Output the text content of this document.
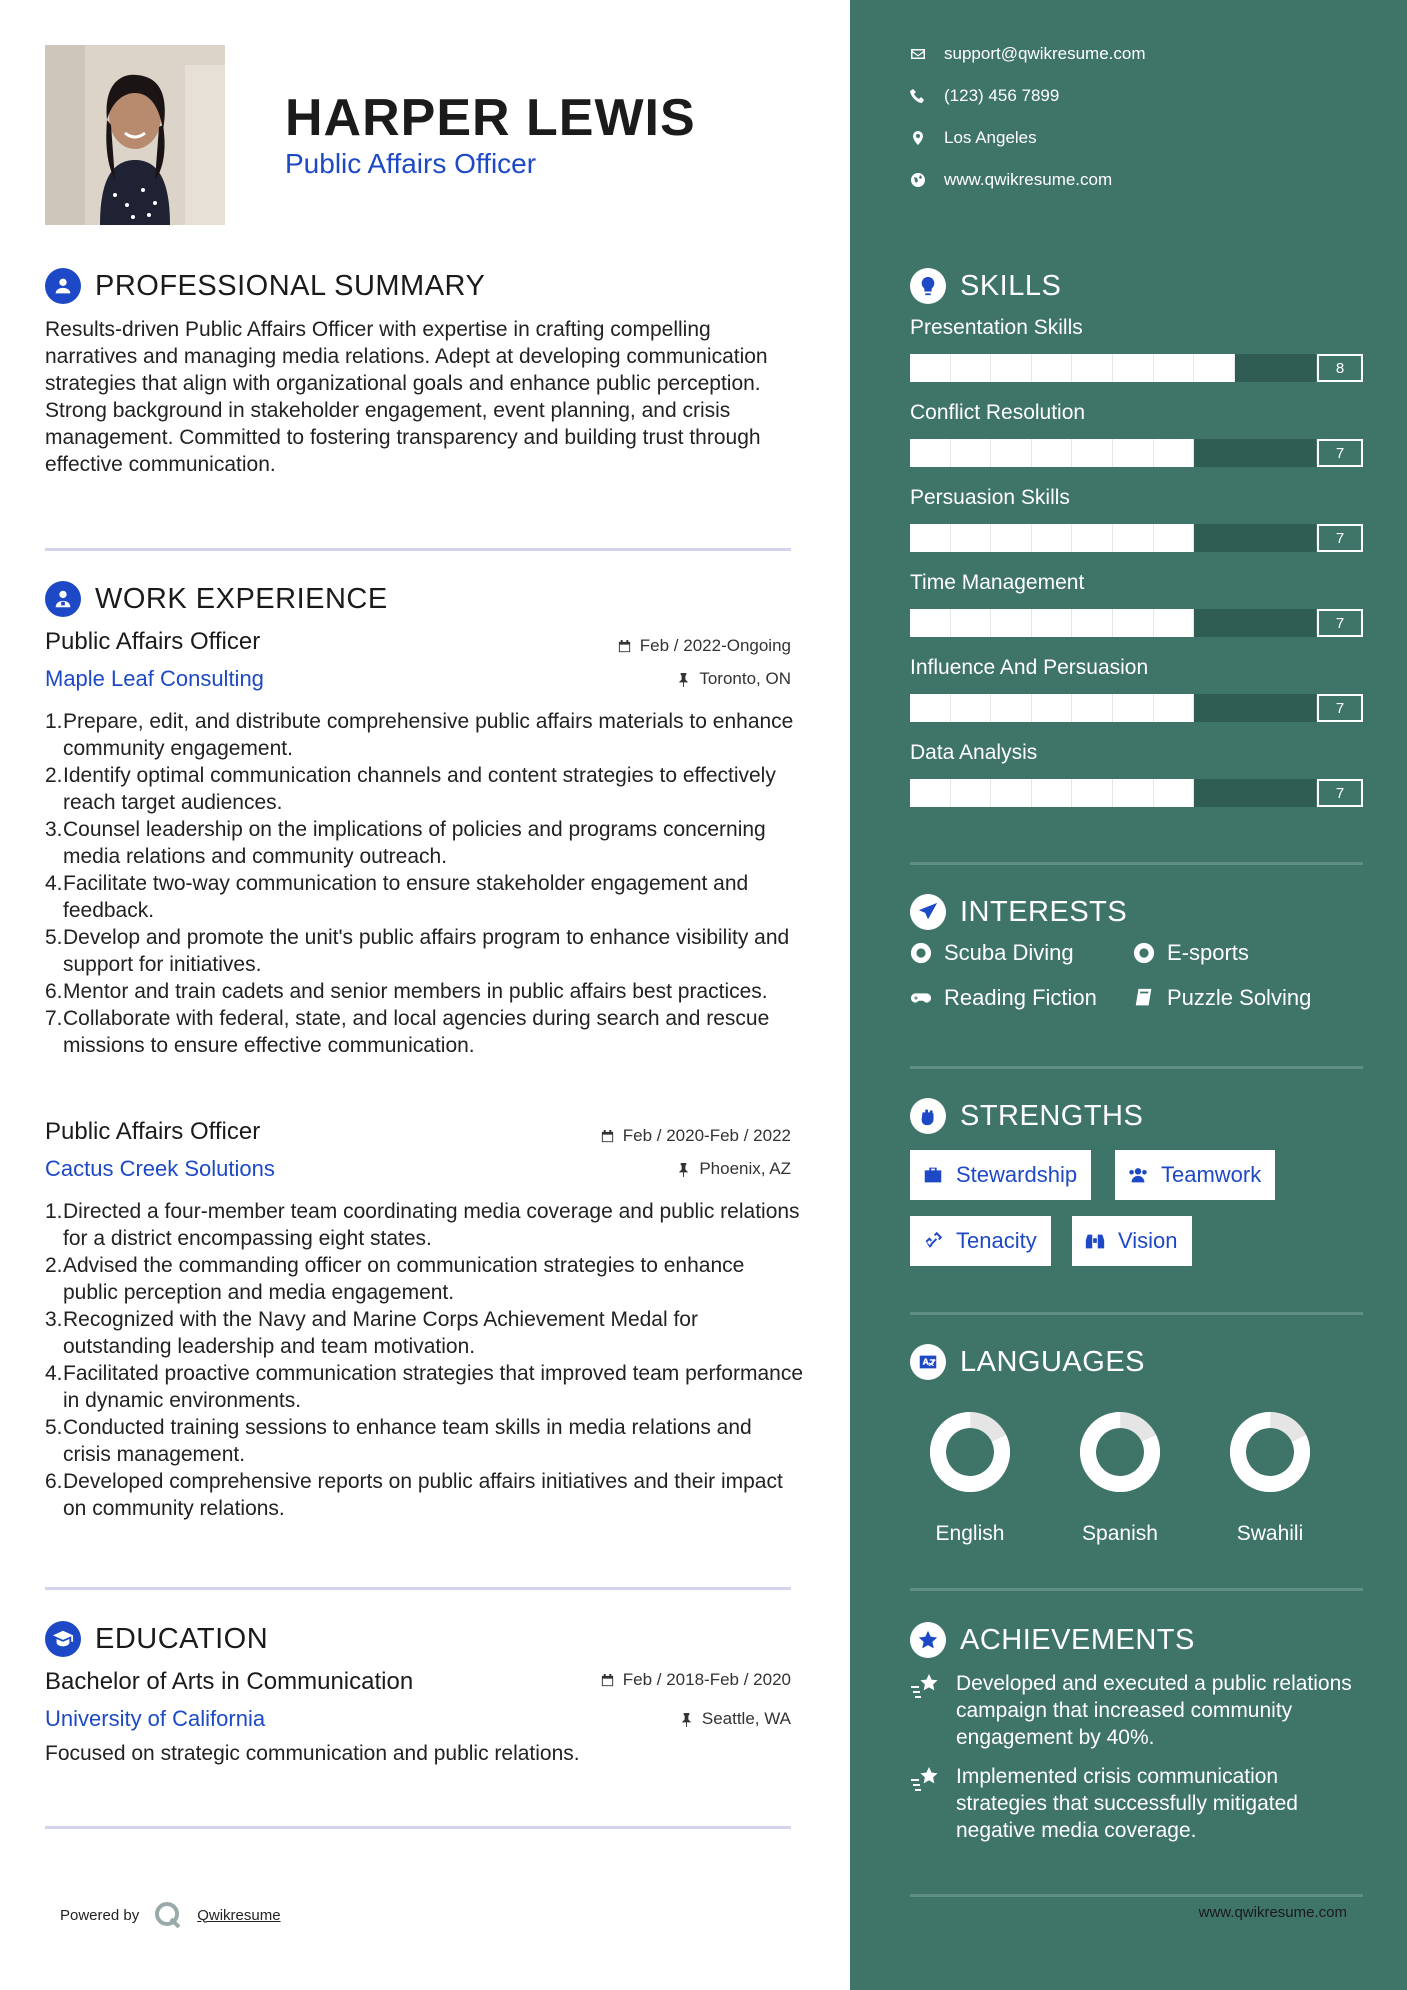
HARPER LEWIS
Public Affairs Officer
PROFESSIONAL SUMMARY
Results-driven Public Affairs Officer with expertise in crafting compelling narratives and managing media relations. Adept at developing communication strategies that align with organizational goals and enhance public perception. Strong background in stakeholder engagement, event planning, and crisis management. Committed to fostering transparency and building trust through effective communication.
WORK EXPERIENCE
Public Affairs Officer
Maple Leaf Consulting
Feb / 2022-Ongoing
Toronto, ON
1. Prepare, edit, and distribute comprehensive public affairs materials to enhance community engagement.
2. Identify optimal communication channels and content strategies to effectively reach target audiences.
3. Counsel leadership on the implications of policies and programs concerning media relations and community outreach.
4. Facilitate two-way communication to ensure stakeholder engagement and feedback.
5. Develop and promote the unit's public affairs program to enhance visibility and support for initiatives.
6. Mentor and train cadets and senior members in public affairs best practices.
7. Collaborate with federal, state, and local agencies during search and rescue missions to ensure effective communication.
Public Affairs Officer
Cactus Creek Solutions
Feb / 2020-Feb / 2022
Phoenix, AZ
1. Directed a four-member team coordinating media coverage and public relations for a district encompassing eight states.
2. Advised the commanding officer on communication strategies to enhance public perception and media engagement.
3. Recognized with the Navy and Marine Corps Achievement Medal for outstanding leadership and team motivation.
4. Facilitated proactive communication strategies that improved team performance in dynamic environments.
5. Conducted training sessions to enhance team skills in media relations and crisis management.
6. Developed comprehensive reports on public affairs initiatives and their impact on community relations.
EDUCATION
Bachelor of Arts in Communication
University of California
Feb / 2018-Feb / 2020
Seattle, WA
Focused on strategic communication and public relations.
Powered by	Qwikresume
support@qwikresume.com
(123) 456 7899
Los Angeles
www.qwikresume.com
SKILLS
INTERESTS
Scuba Diving	E-sports
Reading Fiction	Puzzle Solving
STRENGTHS
Stewardship	Teamwork
Tenacity	Vision
LANGUAGES
English	Spanish	Swahili
ACHIEVEMENTS
Developed and executed a public relations campaign that increased community engagement by 40%.
Implemented crisis communication strategies that successfully mitigated negative media coverage.
www.qwikresume.com
Presentation Skills
8
Conflict Resolution
7
Persuasion Skills
7
Time Management
7
Influence And Persuasion
7
Data Analysis
7
